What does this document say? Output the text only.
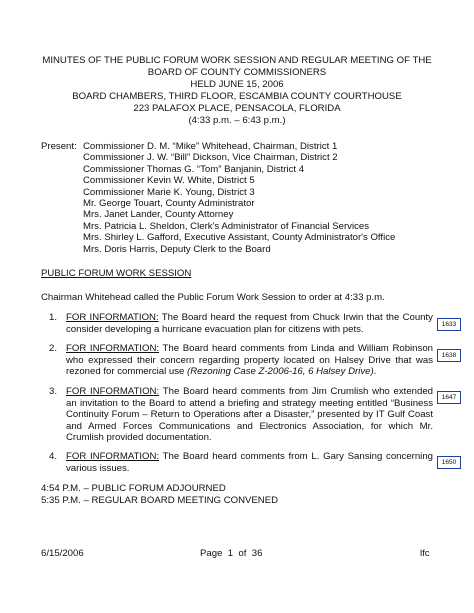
MINUTES OF THE PUBLIC FORUM WORK SESSION AND REGULAR MEETING OF THE
BOARD OF COUNTY COMMISSIONERS
HELD JUNE 15, 2006
BOARD CHAMBERS, THIRD FLOOR, ESCAMBIA COUNTY COURTHOUSE
223 PALAFOX PLACE, PENSACOLA, FLORIDA
(4:33 p.m. – 6:43 p.m.)
Present: Commissioner D. M. “Mike” Whitehead, Chairman, District 1
Commissioner J. W. “Bill” Dickson, Vice Chairman, District 2
Commissioner Thomas G. “Tom” Banjanin, District 4
Commissioner Kevin W. White, District 5
Commissioner Marie K. Young, District 3
Mr. George Touart, County Administrator
Mrs. Janet Lander, County Attorney
Mrs. Patricia L. Sheldon, Clerk's Administrator of Financial Services
Mrs. Shirley L. Gafford, Executive Assistant, County Administrator's Office
Mrs. Doris Harris, Deputy Clerk to the Board
PUBLIC FORUM WORK SESSION
Chairman Whitehead called the Public Forum Work Session to order at 4:33 p.m.
1. FOR INFORMATION: The Board heard the request from Chuck Irwin that the County consider developing a hurricane evacuation plan for citizens with pets.	1633
2. FOR INFORMATION: The Board heard comments from Linda and William Robinson who expressed their concern regarding property located on Halsey Drive that was rezoned for commercial use (Rezoning Case Z-2006-16, 6 Halsey Drive).
1638
3. FOR INFORMATION: The Board heard comments from Jim Crumlish who extended an invitation to the Board to attend a briefing and strategy meeting entitled “Business Continuity Forum – Return to Operations after a Disaster,” presented by IT Gulf Coast and Armed Forces Communications and Electronics Association, for which Mr. Crumlish provided documentation.
1647
4. FOR INFORMATION: The Board heard comments from L. Gary Sansing concerning various issues.	1650
4:54 P.M. – PUBLIC FORUM ADJOURNED
5:35 P.M. – REGULAR BOARD MEETING CONVENED
6/15/2006	Page  1  of  36	lfc
